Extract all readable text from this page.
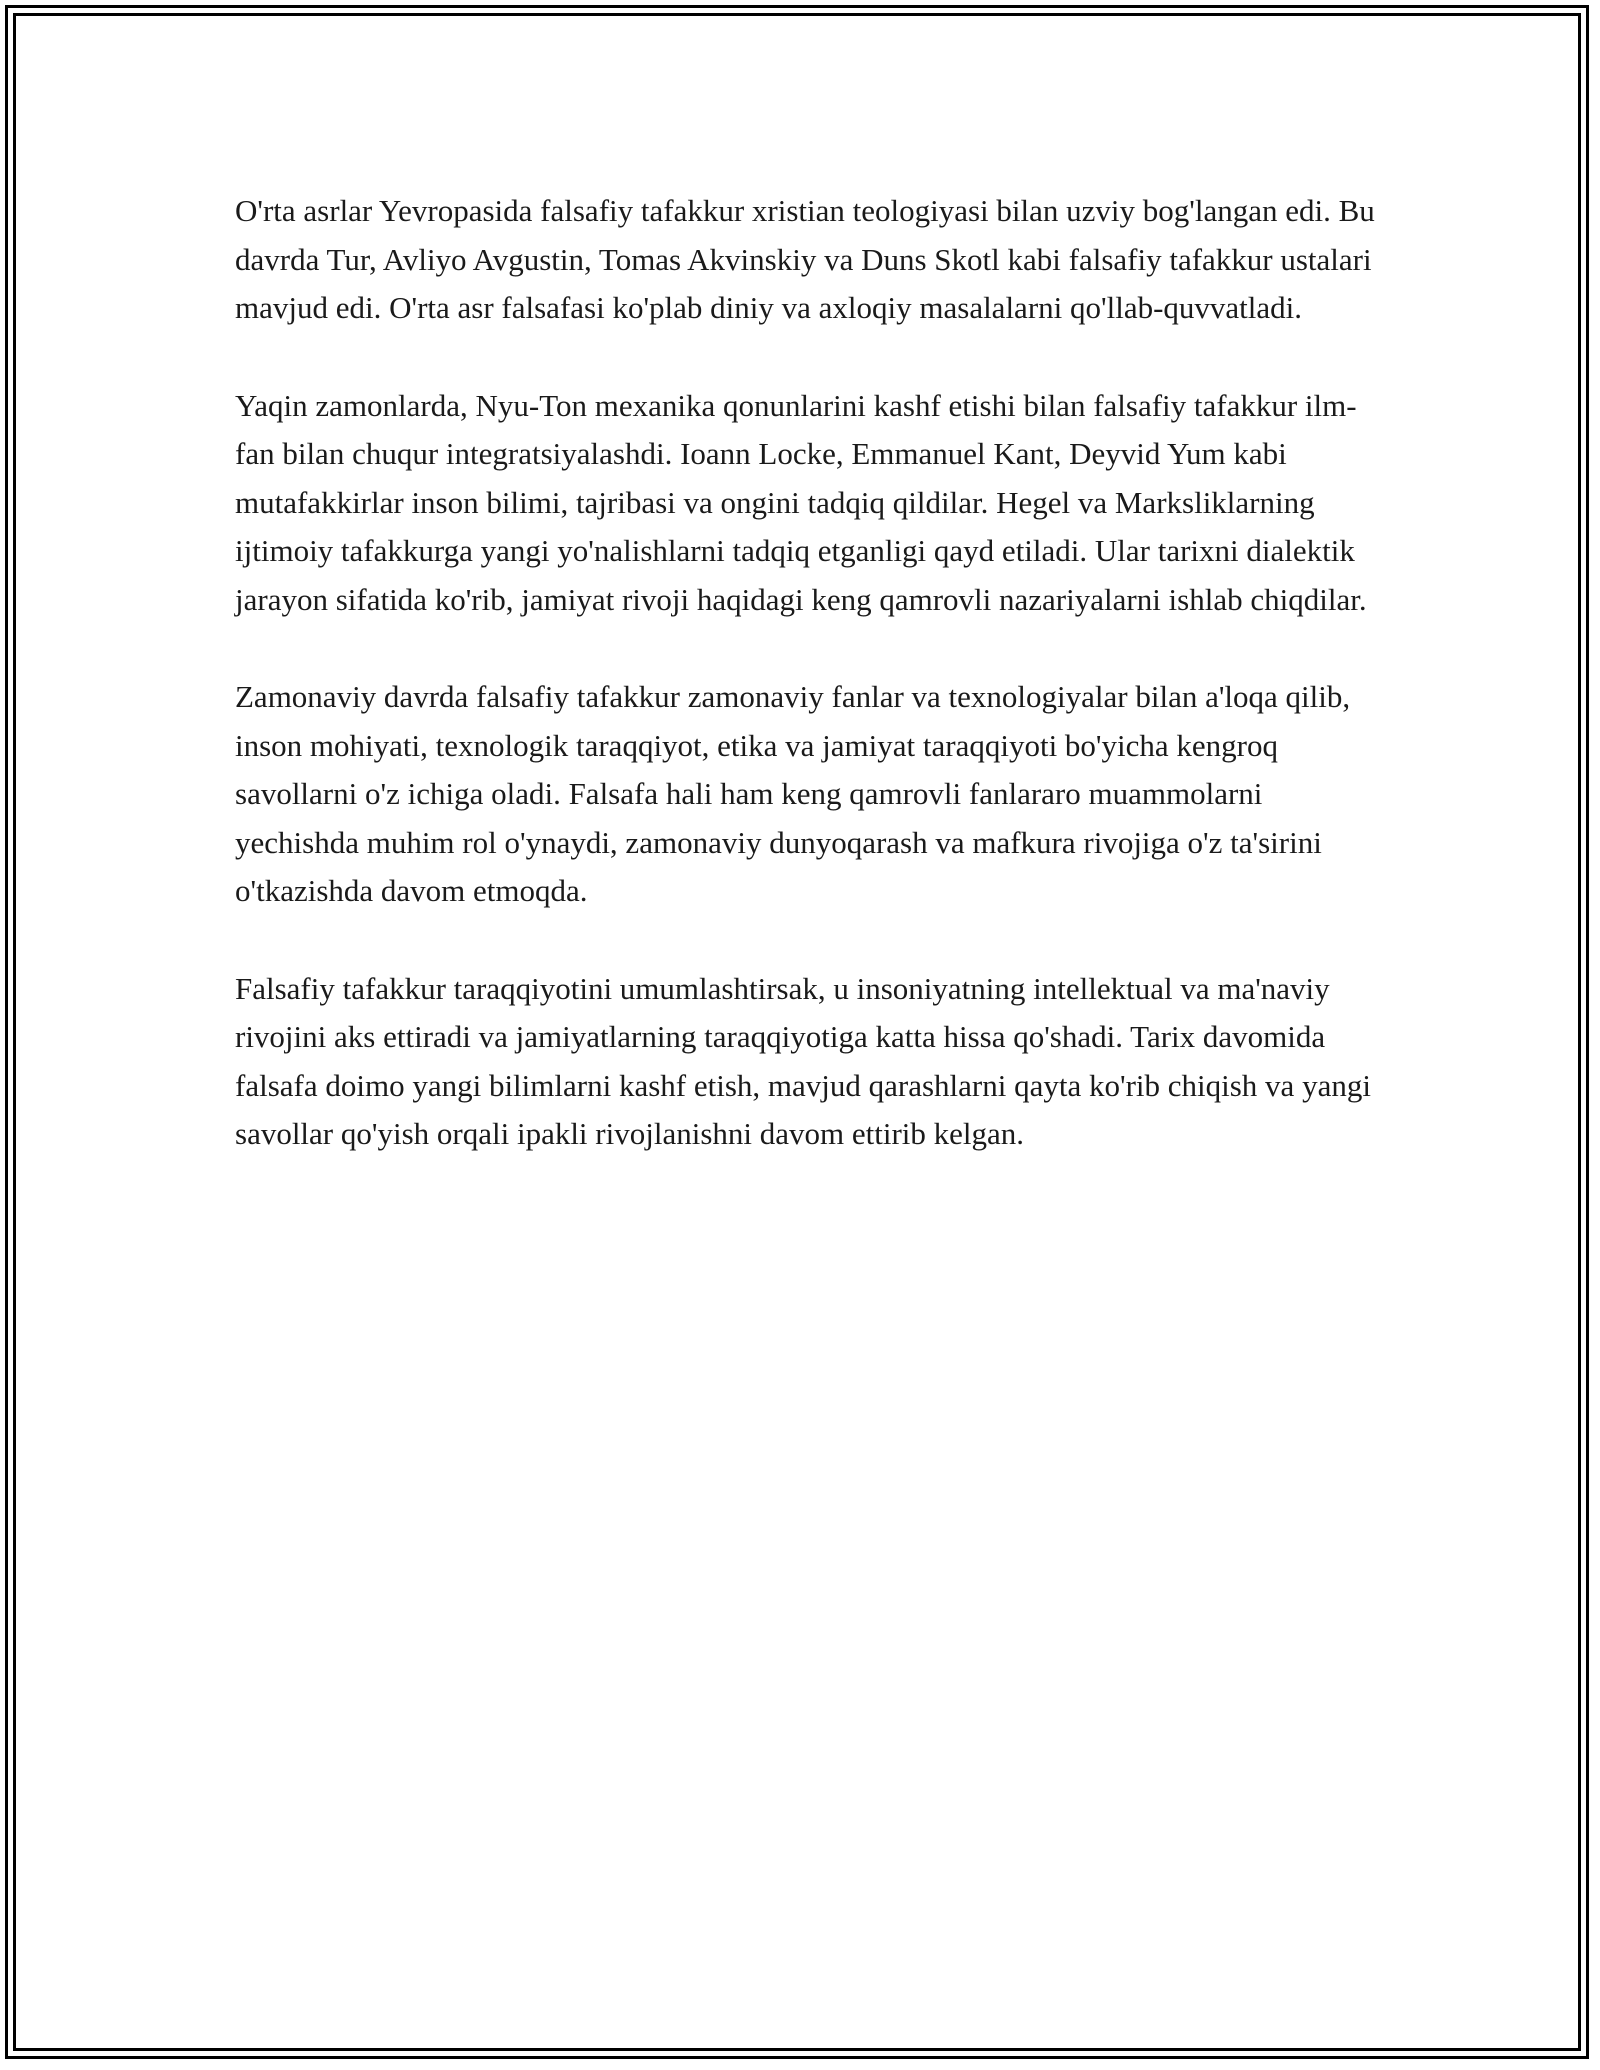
O'rta asrlar Yevropasida falsafiy tafakkur xristian teologiyasi bilan uzviy bog'langan edi. Bu davrda Tur, Avliyo Avgustin, Tomas Akvinskiy va Duns Skotl kabi falsafiy tafakkur ustalari mavjud edi. O'rta asr falsafasi ko'plab diniy va axloqiy masalalarni qo'llab-quvvatladi.

Yaqin zamonlarda, Nyu-Ton mexanika qonunlarini kashf etishi bilan falsafiy tafakkur ilm-fan bilan chuqur integratsiyalashdi. Ioann Locke, Emmanuel Kant, Deyvid Yum kabi mutafakkirlar inson bilimi, tajribasi va ongini tadqiq qildilar. Hegel va Marksliklarning ijtimoiy tafakkurga yangi yo'nalishlarni tadqiq etganligi qayd etiladi. Ular tarixni dialektik jarayon sifatida ko'rib, jamiyat rivoji haqidagi keng qamrovli nazariyalarni ishlab chiqdilar.

Zamonaviy davrda falsafiy tafakkur zamonaviy fanlar va texnologiyalar bilan a'loqa qilib, inson mohiyati, texnologik taraqqiyot, etika va jamiyat taraqqiyoti bo'yicha kengroq savollarni o'z ichiga oladi. Falsafa hali ham keng qamrovli fanlararo muammolarni yechishda muhim rol o'ynaydi, zamonaviy dunyoqarash va mafkura rivojiga o'z ta'sirini o'tkazishda davom etmoqda.

Falsafiy tafakkur taraqqiyotini umumlashtirsak, u insoniyatning intellektual va ma'naviy rivojini aks ettiradi va jamiyatlarning taraqqiyotiga katta hissa qo'shadi. Tarix davomida falsafa doimo yangi bilimlarni kashf etish, mavjud qarashlarni qayta ko'rib chiqish va yangi savollar qo'yish orqali ipakli rivojlanishni davom ettirib kelgan.
